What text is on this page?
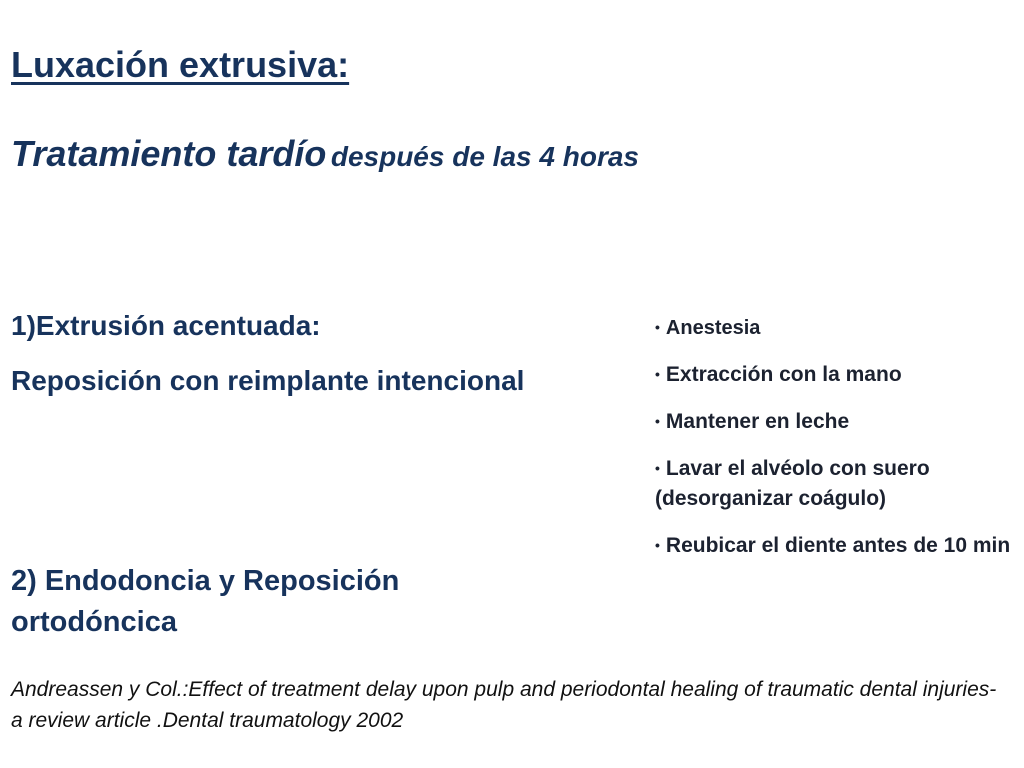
Luxación extrusiva:

Tratamiento tardío después de las 4 horas

1)Extrusión acentuada:
Reposición con reimplante intencional
• Anestesia
• Extracción con la mano
• Mantener en leche
• Lavar el alvéolo con suero (desorganizar coágulo)
• Reubicar el diente antes de 10 min
2) Endodoncia y Reposición ortodóncica

Andreassen y Col.:Effect of treatment delay upon pulp and periodontal healing of traumatic dental injuries-a review article .Dental traumatology 2002
